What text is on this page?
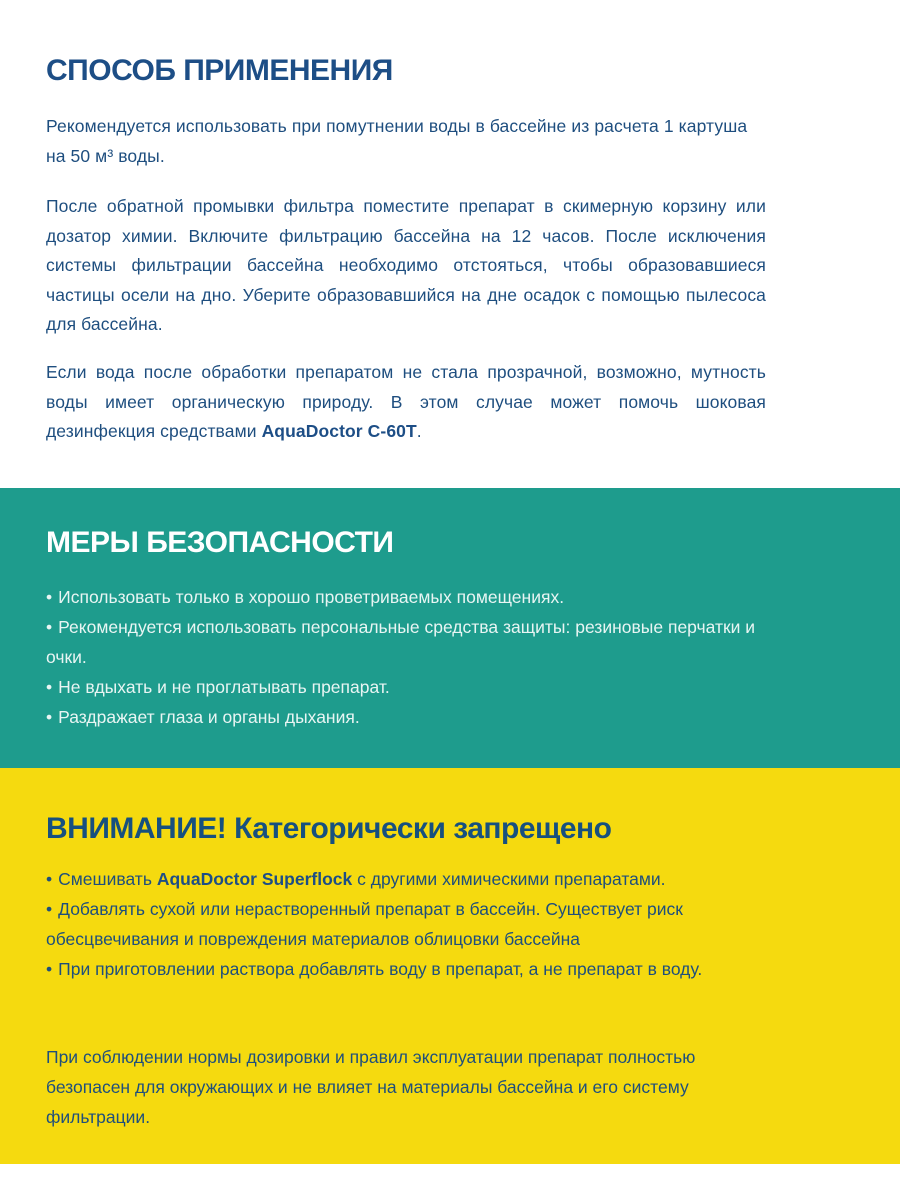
СПОСОБ ПРИМЕНЕНИЯ

Рекомендуется использовать при помутнении воды в бассейне из расчета 1 картуша на 50 м³ воды.

После обратной промывки фильтра поместите препарат в скимерную корзину или дозатор химии. Включите фильтрацию бассейна на 12 часов. После исключения системы фильтрации бассейна необходимо отстояться, чтобы образовавшиеся частицы осели на дно. Уберите образовавшийся на дне осадок с помощью пылесоса для бассейна.

Если вода после обработки препаратом не стала прозрачной, возможно, мутность воды имеет органическую природу. В этом случае может помочь шоковая дезинфекция средствами AquaDoctor C-60T.

МЕРЫ БЕЗОПАСНОСТИ
• Использовать только в хорошо проветриваемых помещениях.
• Рекомендуется использовать персональные средства защиты: резиновые перчатки и очки.
• Не вдыхать и не проглатывать препарат.
• Раздражает глаза и органы дыхания.
ВНИМАНИЕ! Категорически запрещено
• Смешивать AquaDoctor Superflock с другими химическими препаратами.
• Добавлять сухой или нерастворенный препарат в бассейн. Существует риск обесцвечивания и повреждения материалов облицовки бассейна
• При приготовлении раствора добавлять воду в препарат, а не препарат в воду.

При соблюдении нормы дозировки и правил эксплуатации препарат полностью безопасен для окружающих и не влияет на материалы бассейна и его систему фильтрации.
